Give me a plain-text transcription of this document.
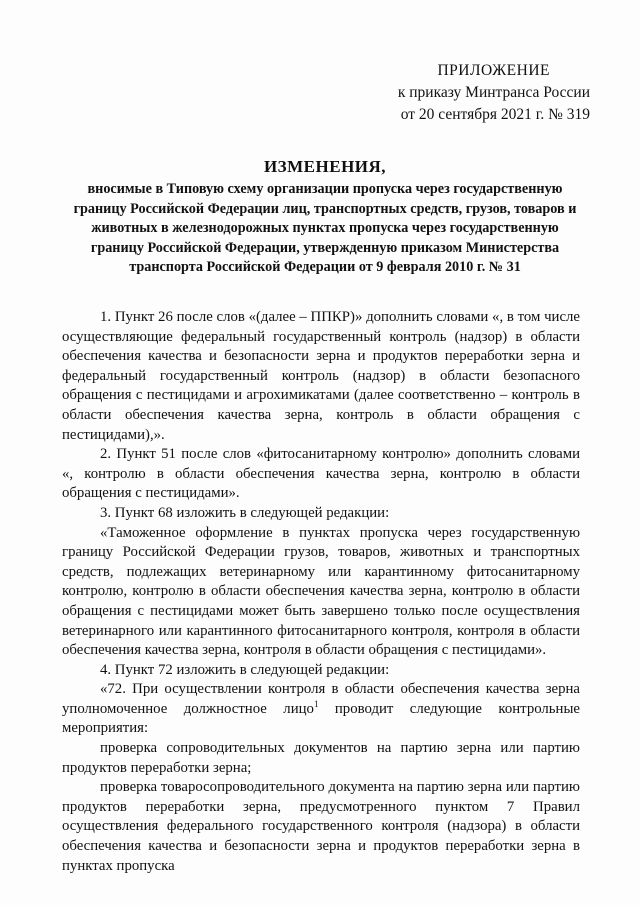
ПРИЛОЖЕНИЕ
к приказу Минтранса России
от 20 сентября 2021 г. № 319
ИЗМЕНЕНИЯ,
вносимые в Типовую схему организации пропуска через государственную границу Российской Федерации лиц, транспортных средств, грузов, товаров и животных в железнодорожных пунктах пропуска через государственную границу Российской Федерации, утвержденную приказом Министерства транспорта Российской Федерации от 9 февраля 2010 г. № 31

1. Пункт 26 после слов «(далее – ППКР)» дополнить словами «, в том числе осуществляющие федеральный государственный контроль (надзор) в области обеспечения качества и безопасности зерна и продуктов переработки зерна и федеральный государственный контроль (надзор) в области безопасного обращения с пестицидами и агрохимикатами (далее соответственно – контроль в области обеспечения качества зерна, контроль в области обращения с пестицидами),».

2. Пункт 51 после слов «фитосанитарному контролю» дополнить словами «, контролю в области обеспечения качества зерна, контролю в области обращения с пестицидами».

3. Пункт 68 изложить в следующей редакции:

«Таможенное оформление в пунктах пропуска через государственную границу Российской Федерации грузов, товаров, животных и транспортных средств, подлежащих ветеринарному или карантинному фитосанитарному контролю, контролю в области обеспечения качества зерна, контролю в области обращения с пестицидами может быть завершено только после осуществления ветеринарного или карантинного фитосанитарного контроля, контроля в области обеспечения качества зерна, контроля в области обращения с пестицидами».

4. Пункт 72 изложить в следующей редакции:

«72. При осуществлении контроля в области обеспечения качества зерна уполномоченное должностное лицо$^1$ проводит следующие контрольные мероприятия:

проверка сопроводительных документов на партию зерна или партию продуктов переработки зерна;

проверка товаросопроводительного документа на партию зерна или партию продуктов переработки зерна, предусмотренного пунктом 7 Правил осуществления федерального государственного контроля (надзора) в области обеспечения качества и безопасности зерна и продуктов переработки зерна в пунктах пропуска
